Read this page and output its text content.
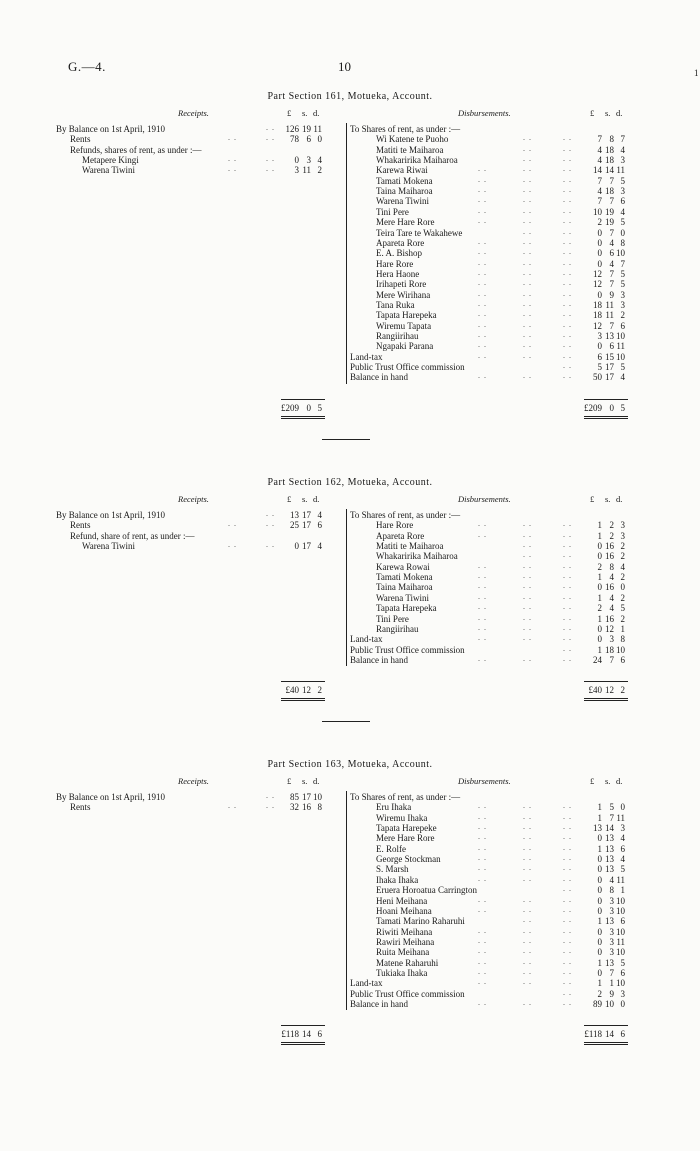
G.—4.	10	1
Part Section 161, Motueka, Account.
Receipts.	Disbursements.
£ s. d.	£ s. d.
By Balance on 1st April, 1910	. . 126 19 11
Rents	. .	. .	78 6 0
Refunds, shares of rent, as under :—
Metapere Kingi	. .	. .	0 3 4
Warena Tiwini	. .	. .	3 11 2
To Shares of rent, as under :—
Wi Katene te Puoho	. .	. .	7 8 7
Matiti te Maiharoa	. .	. .	4 18 4
Whakaririka Maiharoa	. .	. .	4 18 3
Karewa Riwai	. .	. .	. .	14 14 11
Tamati Mokena	. .	. .	. .	7 7 5
Taina Maiharoa	. .	. .	. .	4 18 3
Warena Tiwini	. .	. .	. .	7 7 6
Tini Pere	. .	. .	. .	10 19 4
Mere Hare Rore	. .	. .	. .	2 19 5
Teira Tare te Wakahewe	. .	. .	0 7 0
Apareta Rore	. .	. .	. .	0 4 8
E. A. Bishop	. .	. .	. .	0 6 10
Hare Rore	. .	. .	. .	0 4 7
Hera Haone	. .	. .	. .	12 7 5
Irihapeti Rore	. .	. .	. .	12 7 5
Mere Wirihana	. .	. .	. .	0 9 3
Tana Ruka	. .	. .	. .	18 11 3
Tapata Harepeka	. .	. .	. .	18 11 2
Wiremu Tapata	. .	. .	. .	12 7 6
Rangiirihau	. .	. .	. .	3 13 10
Ngapaki Parana	. .	. .	. .	0 6 11
Land-tax	. .	. .	. .	6 15 10
Public Trust Office commission	. .	5 17 5
Balance in hand	. .	. .	. .	50 17 4
£209 0 5	£209 0 5
Part Section 162, Motueka, Account.
Receipts.	Disbursements.
£ s. d.	£ s. d.
By Balance on 1st April, 1910	. .	13 17 4
Rents	. .	. .	25 17 6
Refund, share of rent, as under :—
Warena Tiwini	. .	. .	0 17 4
To Shares of rent, as under :—
Hare Rore	. .	. .	. .	1 2 3
Apareta Rore	. .	. .	. .	1 2 3
Matiti te Maiharoa	. .	. .	0 16 2
Whakaririka Maiharoa	. .	. .	0 16 2
Karewa Rowai	. .	. .	. .	2 8 4
Tamati Mokena	. .	. .	. .	1 4 2
Taina Maiharoa	. .	. .	. .	0 16 0
Warena Tiwini	. .	. .	. .	1 4 2
Tapata Harepeka	. .	. .	. .	2 4 5
Tini Pere	. .	. .	. .	1 16 2
Rangiirihau	. .	. .	. .	0 12 1
Land-tax	. .	. .	. .	0 3 8
Public Trust Office commission	. .	1 18 10
Balance in hand	. .	. .	. .	24 7 6
£40 12 2	£40 12 2
Part Section 163, Motueka, Account.
Receipts.	Disbursements.
£ s. d.	£ s. d.
By Balance on 1st April, 1910	. .	85 17 10
Rents	. .	. .	32 16 8
To Shares of rent, as under :—
Eru Ihaka	. .	. .	. .	1 5 0
Wiremu Ihaka	. .	. .	. .	1 7 11
Tapata Harepeke	. .	. .	. .	13 14 3
Mere Hare Rore	. .	. .	. .	0 13 4
E. Rolfe	. .	. .	. .	1 13 6
George Stockman	. .	. .	. .	0 13 4
S. Marsh	. .	. .	. .	0 13 5
Ihaka Ihaka	. .	. .	. .	0 4 11
Eruera Horoatua Carrington	. .	0 8 1
Heni Meihana	. .	. .	. .	0 3 10
Hoani Meihana	. .	. .	. .	0 3 10
Tamati Marino Raharuhi	. .	. .	1 13 6
Riwiti Meihana	. .	. .	. .	0 3 10
Rawiri Meihana	. .	. .	. .	0 3 11
Ruita Meihana	. .	. .	. .	0 3 10
Matene Raharuhi	. .	. .	. .	1 13 5
Tukiaka Ihaka	. .	. .	. .	0 7 6
Land-tax	. .	. .	. .	1 1 10
Public Trust Office commission	. .	2 9 3
Balance in hand	. .	. .	. .	89 10 0
£118 14 6	£118 14 6
